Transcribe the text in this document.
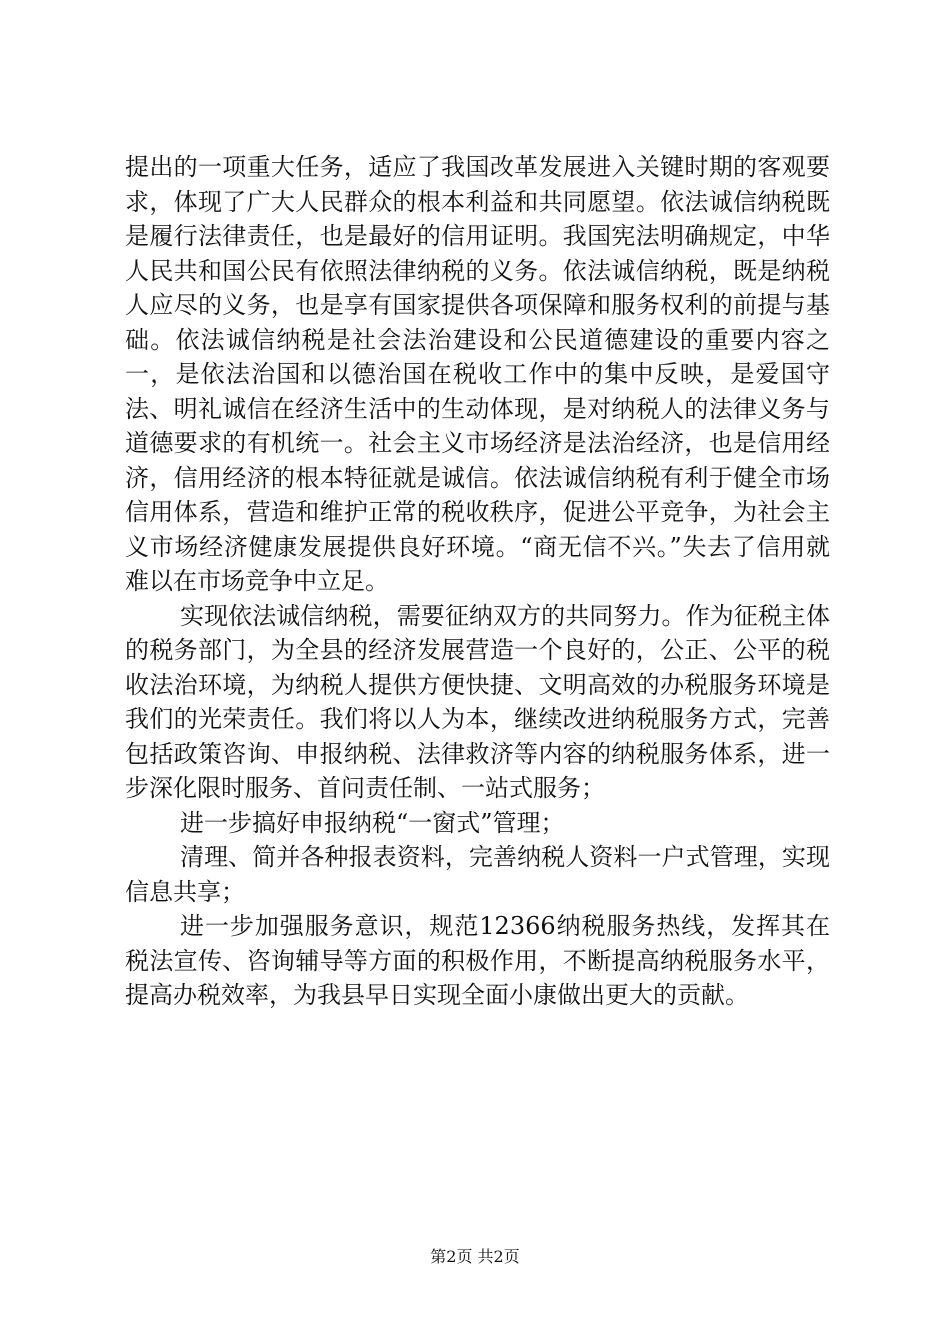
提出的一项重大任务，适应了我国改革发展进入关键时期的客观要求，体现了广大人民群众的根本利益和共同愿望。依法诚信纳税既是履行法律责任，也是最好的信用证明。我国宪法明确规定，中华人民共和国公民有依照法律纳税的义务。依法诚信纳税，既是纳税人应尽的义务，也是享有国家提供各项保障和服务权利的前提与基础。依法诚信纳税是社会法治建设和公民道德建设的重要内容之一，是依法治国和以德治国在税收工作中的集中反映，是爱国守法、明礼诚信在经济生活中的生动体现，是对纳税人的法律义务与道德要求的有机统一。社会主义市场经济是法治经济，也是信用经济，信用经济的根本特征就是诚信。依法诚信纳税有利于健全市场信用体系，营造和维护正常的税收秩序，促进公平竞争，为社会主义市场经济健康发展提供良好环境。“商无信不兴。”失去了信用就难以在市场竞争中立足。

实现依法诚信纳税，需要征纳双方的共同努力。作为征税主体的税务部门，为全县的经济发展营造一个良好的，公正、公平的税收法治环境，为纳税人提供方便快捷、文明高效的办税服务环境是我们的光荣责任。我们将以人为本，继续改进纳税服务方式，完善包括政策咨询、申报纳税、法律救济等内容的纳税服务体系，进一步深化限时服务、首问责任制、一站式服务；

进一步搞好申报纳税“一窗式”管理；

清理、简并各种报表资料，完善纳税人资料一户式管理，实现信息共享；

进一步加强服务意识，规范12366纳税服务热线，发挥其在税法宣传、咨询辅导等方面的积极作用，不断提高纳税服务水平，提高办税效率，为我县早日实现全面小康做出更大的贡献。

第2页 共2页
